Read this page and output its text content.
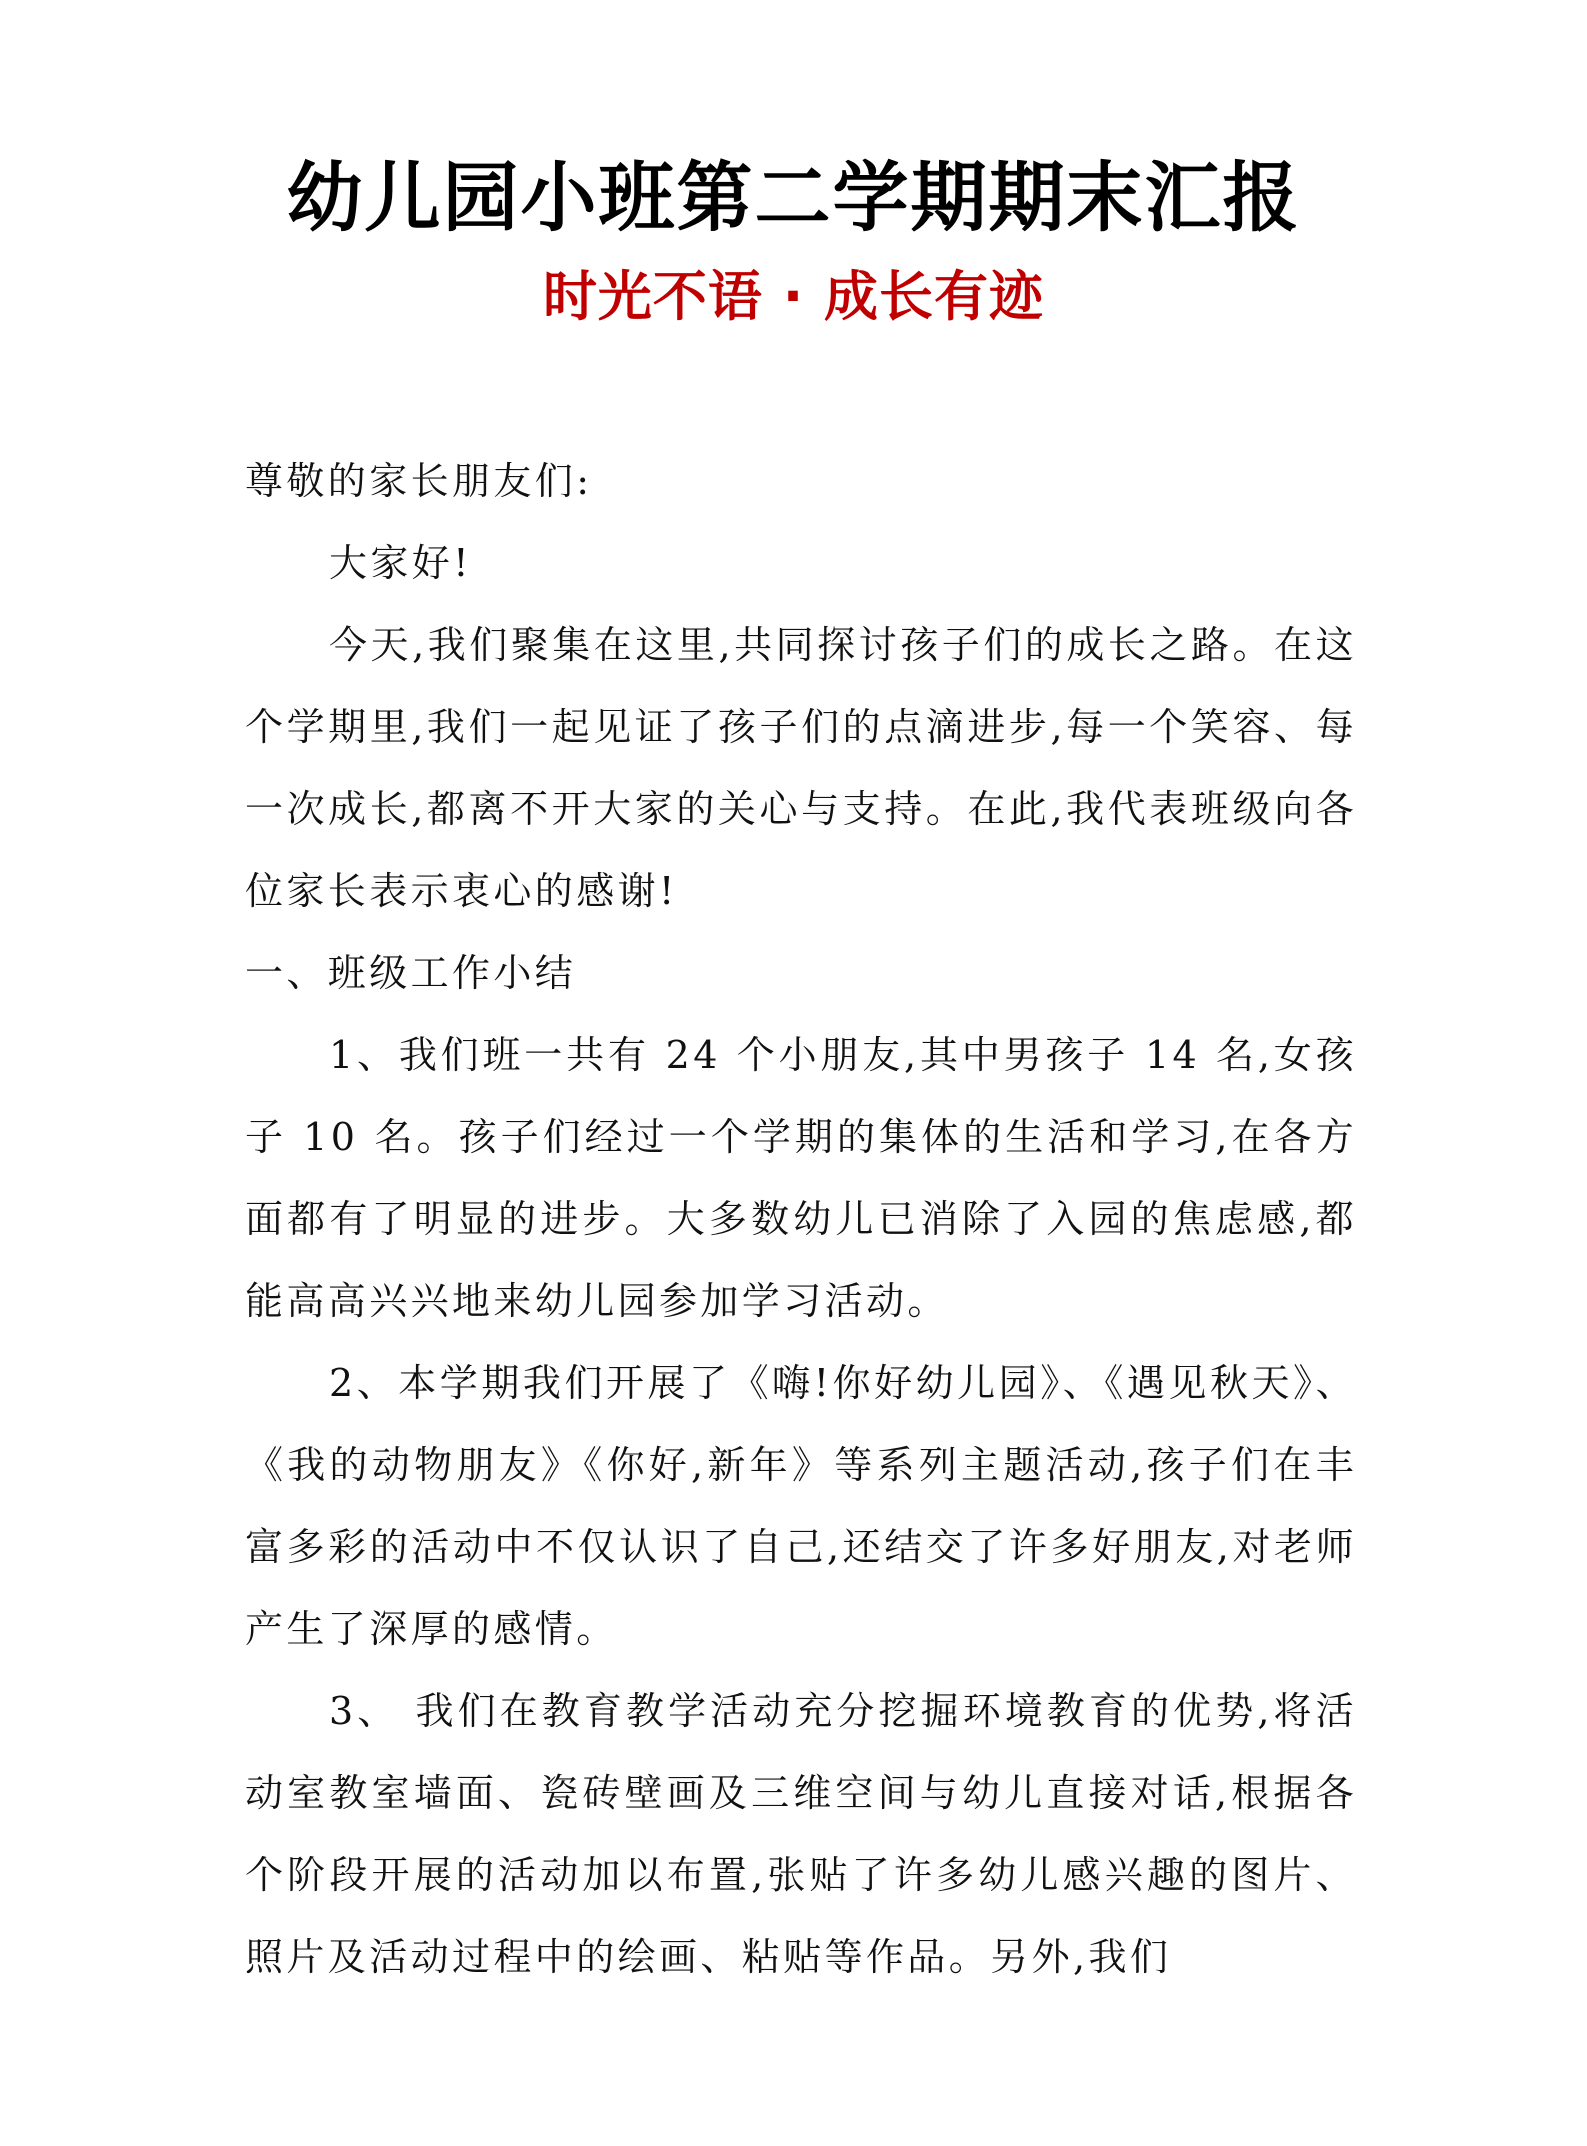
幼儿园小班第二学期期末汇报
时光不语 · 成长有迹

尊敬的家长朋友们:

大家好!

今天,我们聚集在这里,共同探讨孩子们的成长之路。在这个学期里,我们一起见证了孩子们的点滴进步,每一个笑容、每一次成长,都离不开大家的关心与支持。在此,我代表班级向各位家长表示衷心的感谢!

一、班级工作小结

1、我们班一共有 24 个小朋友,其中男孩子 14 名,女孩子 10 名。孩子们经过一个学期的集体的生活和学习,在各方面都有了明显的进步。大多数幼儿已消除了入园的焦虑感,都能高高兴兴地来幼儿园参加学习活动。

2、本学期我们开展了《嗨!你好幼儿园》、《遇见秋天》、《我的动物朋友》《你好,新年》等系列主题活动,孩子们在丰富多彩的活动中不仅认识了自己,还结交了许多好朋友,对老师产生了深厚的感情。

3、 我们在教育教学活动充分挖掘环境教育的优势,将活动室教室墙面、瓷砖壁画及三维空间与幼儿直接对话,根据各个阶段开展的活动加以布置,张贴了许多幼儿感兴趣的图片、照片及活动过程中的绘画、粘贴等作品。另外,我们
